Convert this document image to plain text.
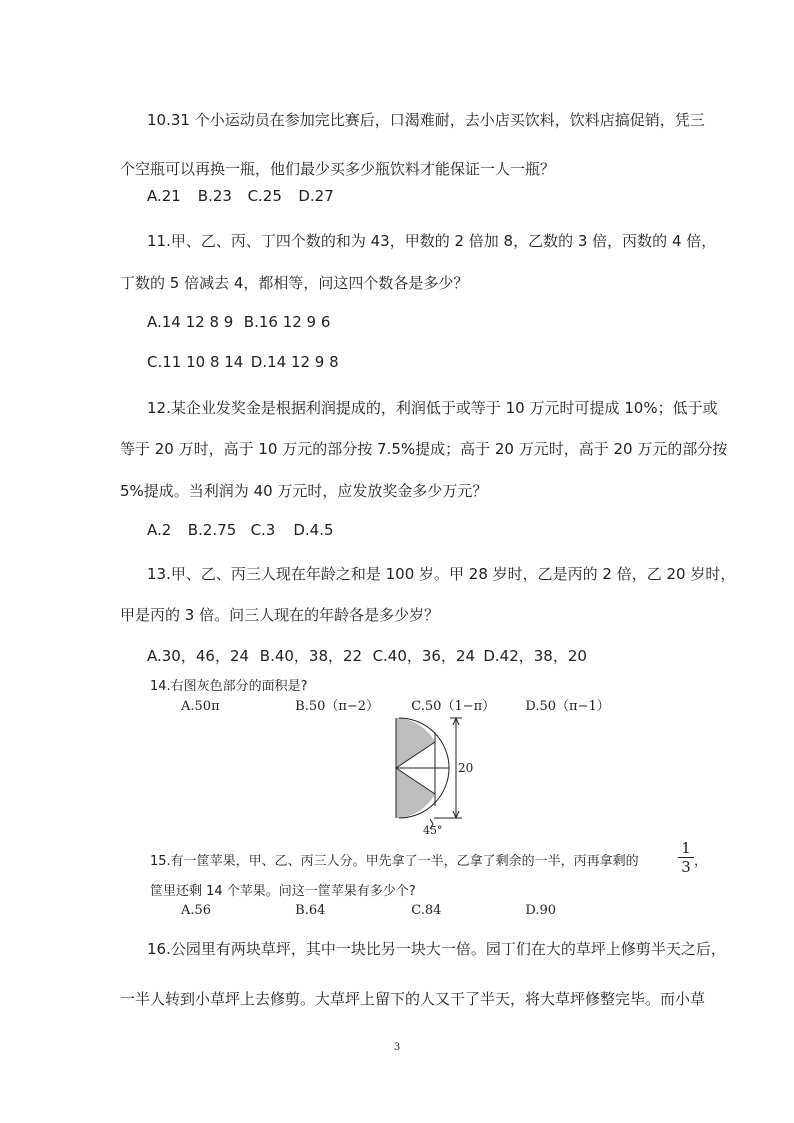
10.31 个小运动员在参加完比赛后，口渴难耐，去小店买饮料，饮料店搞促销，凭三
个空瓶可以再换一瓶，他们最少买多少瓶饮料才能保证一人一瓶？
A.21 B.23 C.25 D.27
11.甲、乙、丙、丁四个数的和为 43，甲数的 2 倍加 8，乙数的 3 倍，丙数的 4 倍，
丁数的 5 倍减去 4，都相等，问这四个数各是多少？
A.14 12 8 9 B.16 12 9 6
C.11 10 8 14 D.14 12 9 8
12.某企业发奖金是根据利润提成的，利润低于或等于 10 万元时可提成 10%；低于或
等于 20 万时，高于 10 万元的部分按 7.5%提成；高于 20 万元时，高于 20 万元的部分按
5%提成。当利润为 40 万元时，应发放奖金多少万元？
A.2 B.2.75 C.3 D.4.5
13.甲、乙、丙三人现在年龄之和是 100 岁。甲 28 岁时，乙是丙的 2 倍，乙 20 岁时，
甲是丙的 3 倍。问三人现在的年龄各是多少岁？
A.30，46，24 B.40，38，22 C.40，36，24 D.42，38，20
14.右图灰色部分的面积是?
A.50π	B.50（π−2） C.50（1−π） D.50（π−1）
20
45°
15.有一筐苹果，甲、乙、丙三人分。甲先拿了一半，乙拿了剩余的一半，丙再拿剩的
1
3 ，
筐里还剩 14 个苹果。问这一筐苹果有多少个?
A.56	B.64	C.84	D.90
16.公园里有两块草坪，其中一块比另一块大一倍。园丁们在大的草坪上修剪半天之后，
一半人转到小草坪上去修剪。大草坪上留下的人又干了半天，将大草坪修整完毕。而小草
3
